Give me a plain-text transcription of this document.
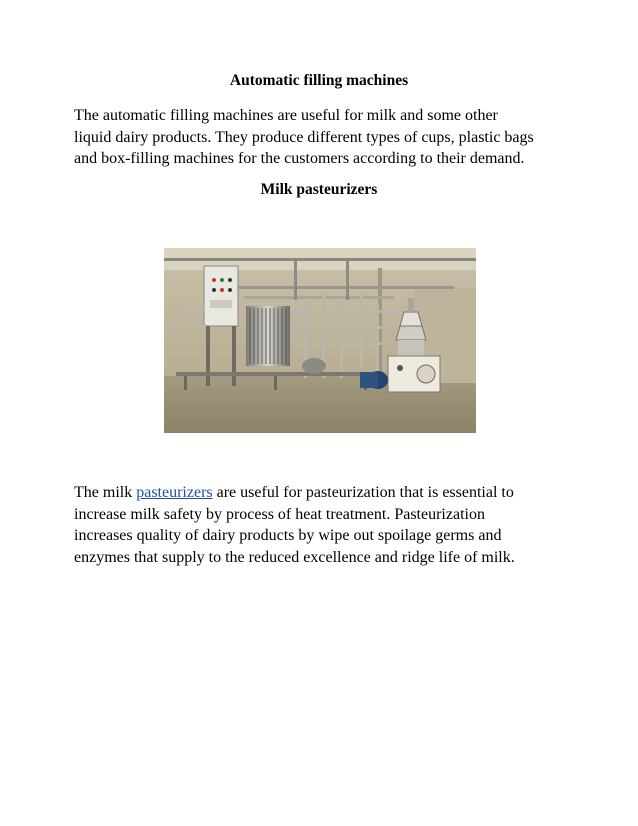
Automatic filling machines
The automatic filling machines are useful for milk and some other
liquid dairy products. They produce different types of cups, plastic bags
and box-filling machines for the customers according to their demand.
Milk pasteurizers
The milk pasteurizers are useful for pasteurization that is essential to
increase milk safety by process of heat treatment. Pasteurization
increases quality of dairy products by wipe out spoilage germs and
enzymes that supply to the reduced excellence and ridge life of milk.
